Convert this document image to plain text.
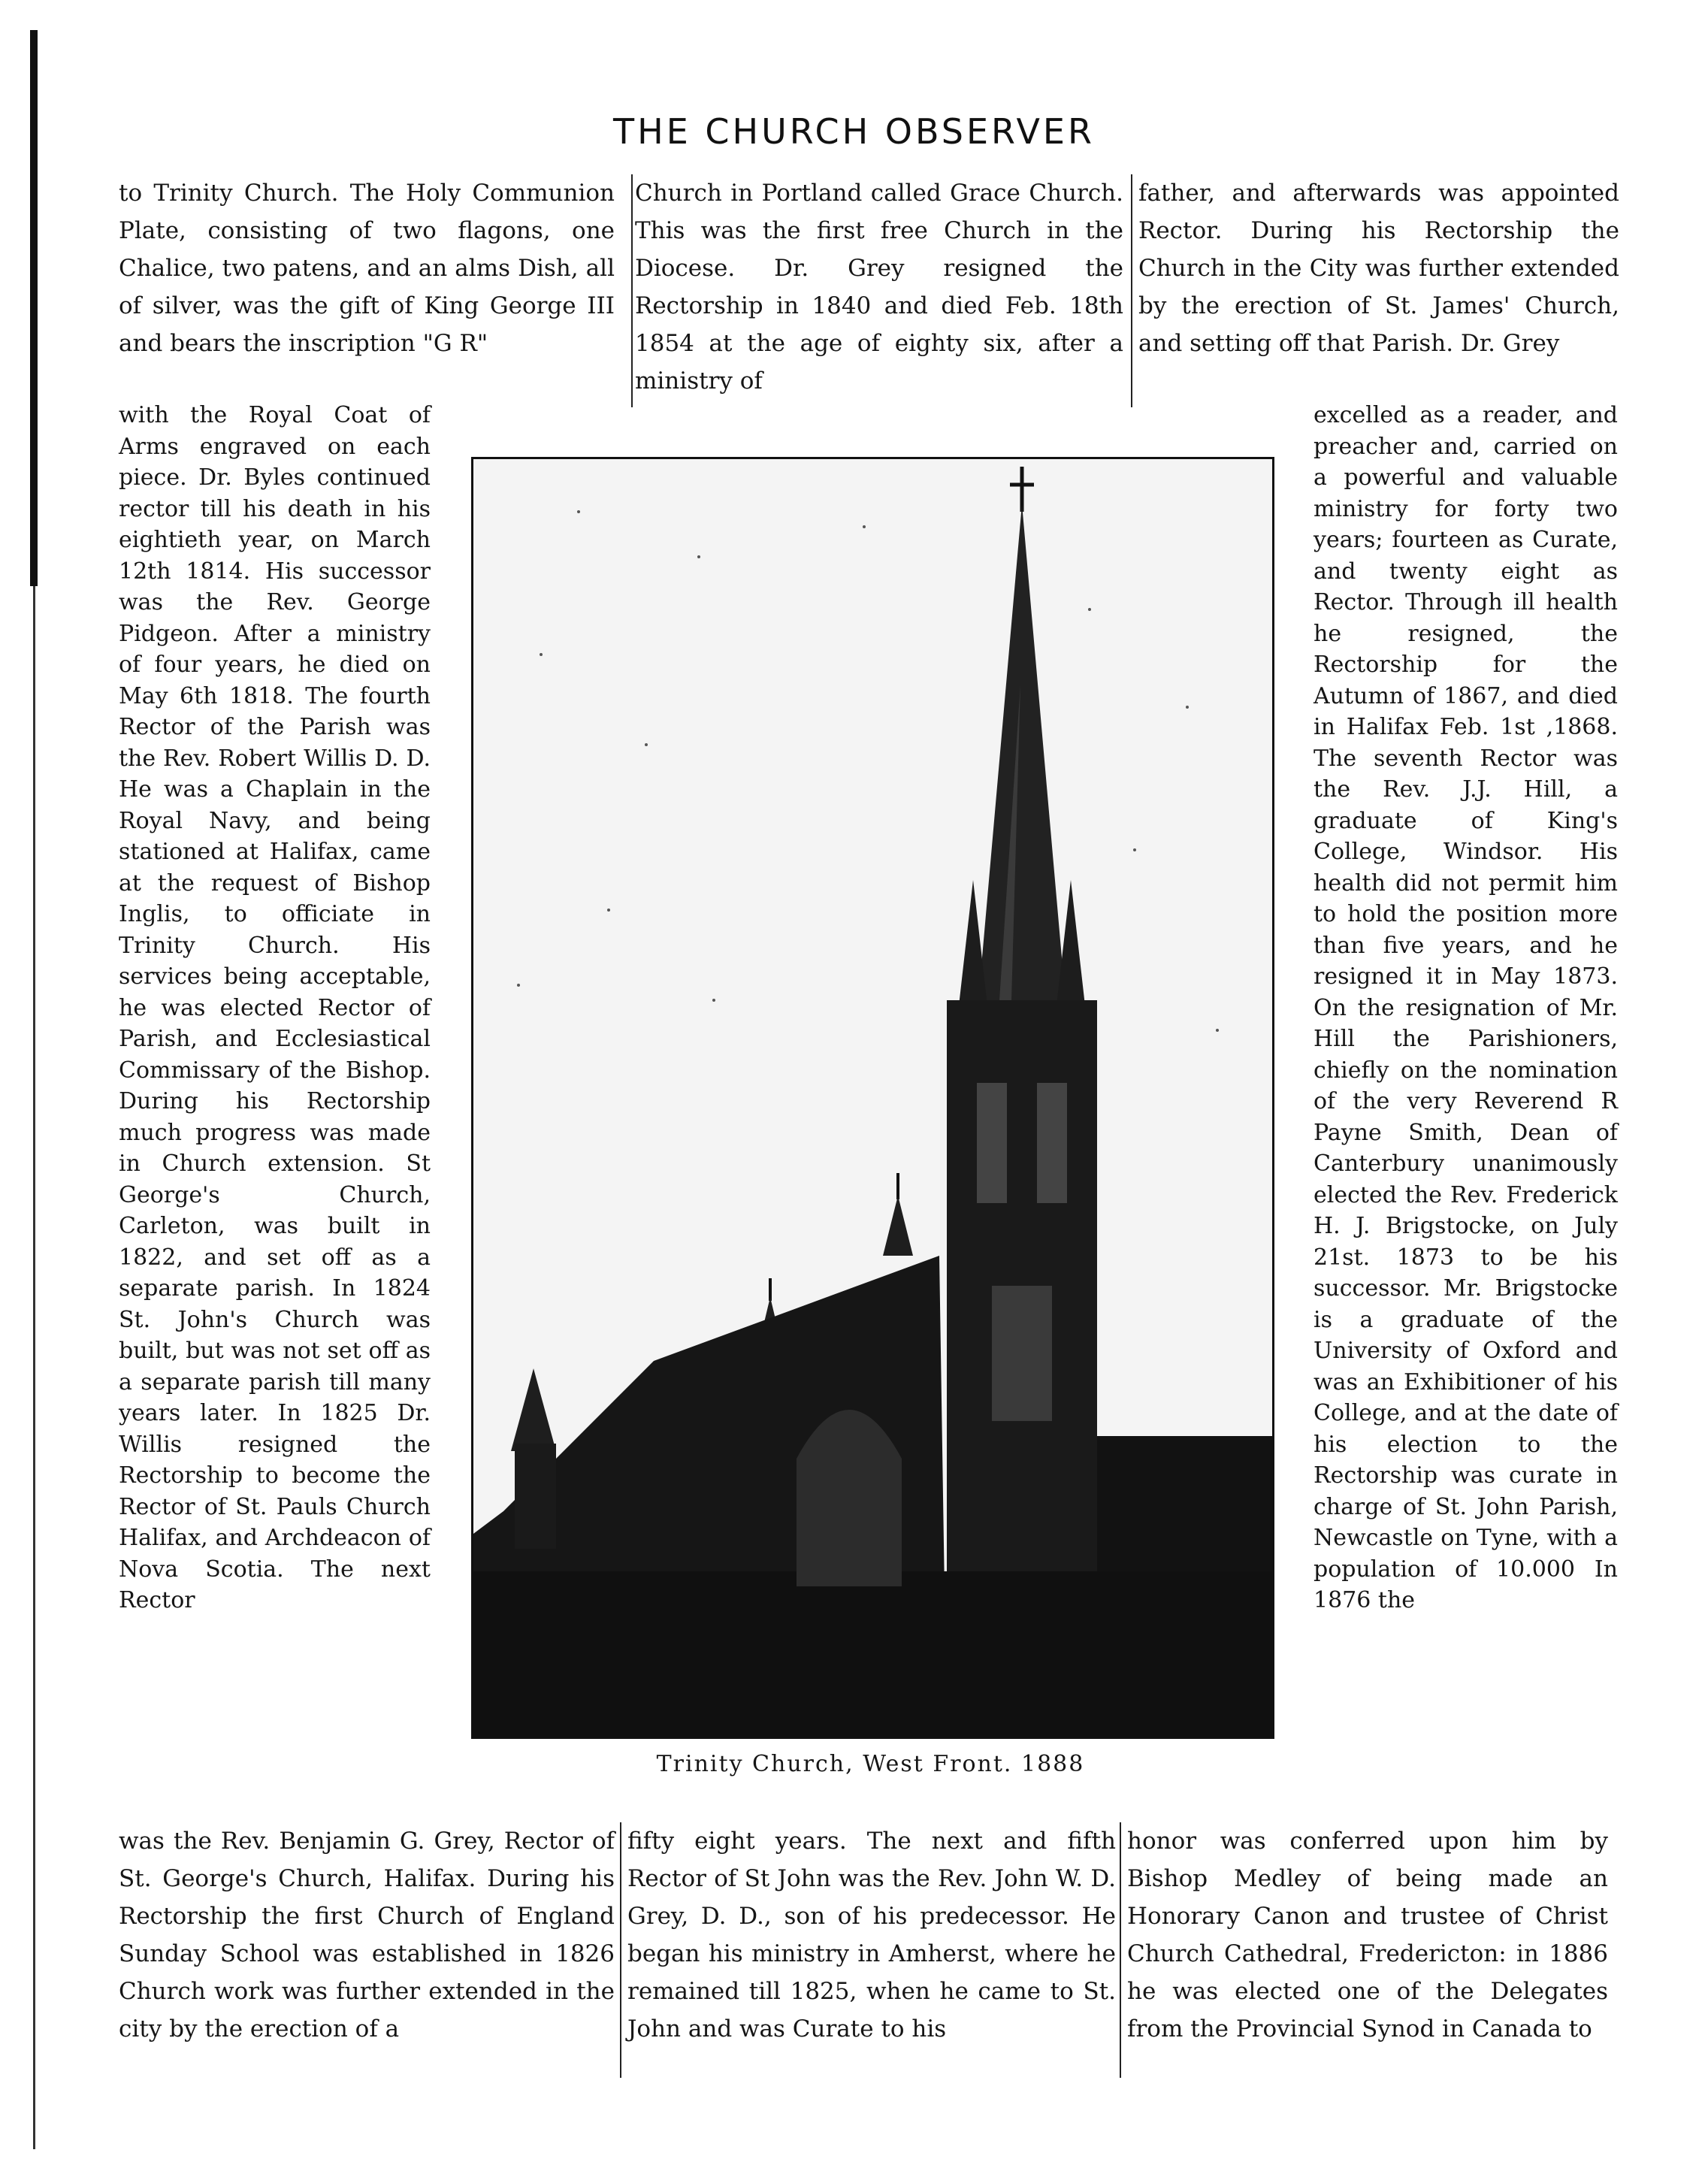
THE CHURCH OBSERVER

to Trinity Church. The Holy Communion Plate, consisting of two flagons, one Chalice, two patens, and an alms Dish, all of silver, was the gift of King George III and bears the inscription "G R"

Church in Portland called Grace Church. This was the first free Church in the Diocese. Dr. Grey resigned the Rectorship in 1840 and died Feb. 18th 1854 at the age of eighty six, after a ministry of

father, and afterwards was appointed Rector. During his Rectorship the Church in the City was further extended by the erection of St. James' Church, and setting off that Parish. Dr. Grey

with the Royal Coat of Arms engraved on each piece. Dr. Byles continued rector till his death in his eightieth year, on March 12th 1814. His successor was the Rev. George Pidgeon. After a ministry of four years, he died on May 6th 1818. The fourth Rector of the Parish was the Rev. Robert Willis D. D. He was a Chaplain in the Royal Navy, and being stationed at Halifax, came at the request of Bishop Inglis, to officiate in Trinity Church. His services being acceptable, he was elected Rector of Parish, and Ecclesiastical Commissary of the Bishop. During his Rectorship much progress was made in Church extension. St George's Church, Carleton, was built in 1822, and set off as a separate parish. In 1824 St. John's Church was built, but was not set off as a separate parish till many years later. In 1825 Dr. Willis resigned the Rectorship to become the Rector of St. Pauls Church Halifax, and Archdeacon of Nova Scotia. The next Rector

excelled as a reader, and preacher and, carried on a powerful and valuable ministry for forty two years; fourteen as Curate, and twenty eight as Rector. Through ill health he resigned, the Rectorship for the Autumn of 1867, and died in Halifax Feb. 1st ,1868. The seventh Rector was the Rev. J.J. Hill, a graduate of King's College, Windsor. His health did not permit him to hold the position more than five years, and he resigned it in May 1873. On the resignation of Mr. Hill the Parishioners, chiefly on the nomination of the very Reverend R Payne Smith, Dean of Canterbury unanimously elected the Rev. Frederick H. J. Brigstocke, on July 21st. 1873 to be his successor. Mr. Brigstocke is a graduate of the University of Oxford and was an Exhibitioner of his College, and at the date of his election to the Rectorship was curate in charge of St. John Parish, Newcastle on Tyne, with a population of 10.000 In 1876 the

Trinity Church, West Front. 1888

was the Rev. Benjamin G. Grey, Rector of St. George's Church, Halifax. During his Rectorship the first Church of England Sunday School was established in 1826 Church work was further extended in the city by the erection of a

fifty eight years. The next and fifth Rector of St John was the Rev. John W. D. Grey, D. D., son of his predecessor. He began his ministry in Amherst, where he remained till 1825, when he came to St. John and was Curate to his

honor was conferred upon him by Bishop Medley of being made an Honorary Canon and trustee of Christ Church Cathedral, Fredericton: in 1886 he was elected one of the Delegates from the Provincial Synod in Canada to
